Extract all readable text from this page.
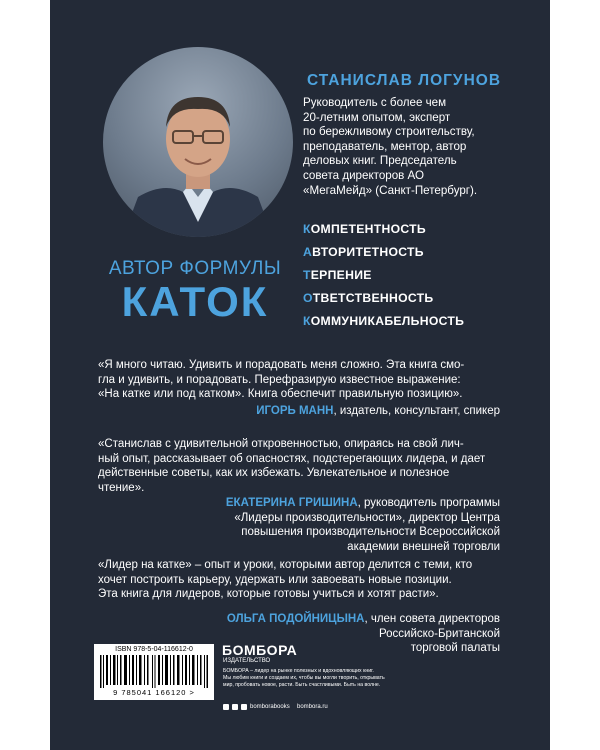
СТАНИСЛАВ ЛОГУНОВ
Руководитель с более чем
20-летним опытом, эксперт
по бережливому строительству,
преподаватель, ментор, автор
деловых книг. Председатель
совета директоров АО
«МегаМейд» (Санкт-Петербург).
КОМПЕТЕНТНОСТЬ
АВТОРИТЕТНОСТЬ
ТЕРПЕНИЕ
ОТВЕТСТВЕННОСТЬ
КОММУНИКАБЕЛЬНОСТЬ
АВТОР ФОРМУЛЫ
КАТОК
«Я много читаю. Удивить и порадовать меня сложно. Эта книга смо-
гла и удивить, и порадовать. Перефразирую известное выражение:
«На катке или под катком». Книга обеспечит правильную позицию».
ИГОРЬ МАНН, издатель, консультант, спикер
«Станислав с удивительной откровенностью, опираясь на свой лич-
ный опыт, рассказывает об опасностях, подстерегающих лидера, и дает
действенные советы, как их избежать. Увлекательное и полезное
чтение».
ЕКАТЕРИНА ГРИШИНА, руководитель программы
«Лидеры производительности», директор Центра
повышения производительности Всероссийской
академии внешней торговли
«Лидер на катке» – опыт и уроки, которыми автор делится с теми, кто
хочет построить карьеру, удержать или завоевать новые позиции.
Эта книга для лидеров, которые готовы учиться и хотят расти».
ОЛЬГА ПОДОЙНИЦЫНА, член совета директоров
Российско-Британской
торговой палаты
ISBN 978-5-04-116612-0
9 785041 166120 >
БОМБОРА
ИЗДАТЕЛЬСТВО
БОМБОРА – лидер на рынке полезных и вдохновляющих книг.
Мы любим книги и создаем их, чтобы вы могли творить, открывать
мир, пробовать новое, расти. Быть счастливыми. Быть на волне.
bomborabooks bombora.ru
